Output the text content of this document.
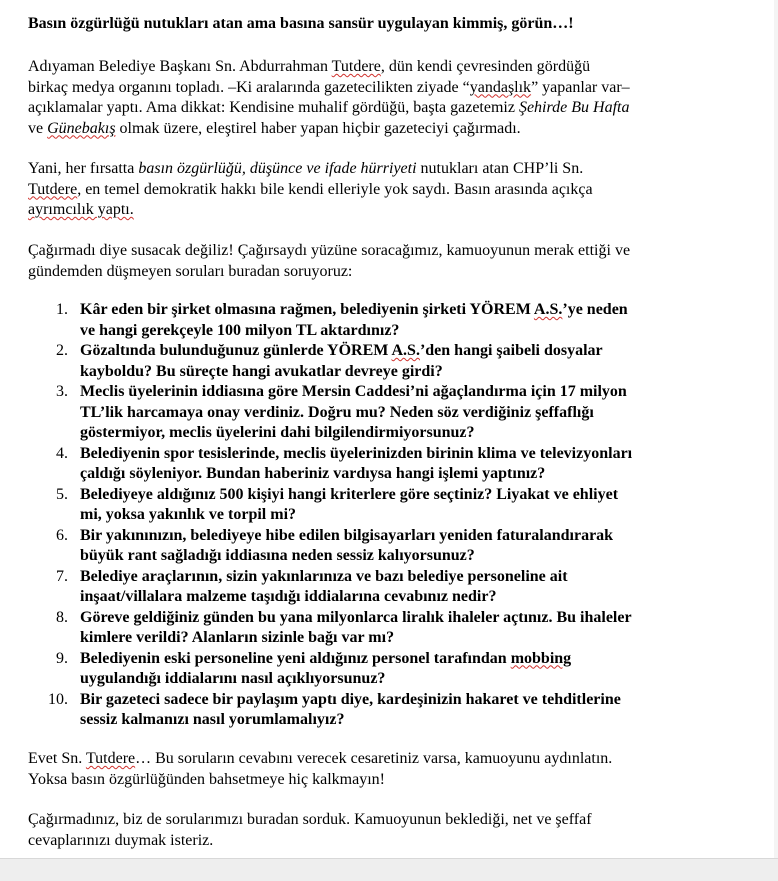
Basın özgürlüğü nutukları atan ama basına sansür uygulayan kimmiş, görün…!
Adıyaman Belediye Başkanı Sn. Abdurrahman Tutdere, dün kendi çevresinden gördüğü
birkaç medya organını topladı. –Ki aralarında gazetecilikten ziyade “yandaşlık” yapanlar var–
açıklamalar yaptı. Ama dikkat: Kendisine muhalif gördüğü, başta gazetemiz Şehirde Bu Hafta
ve Günebakış olmak üzere, eleştirel haber yapan hiçbir gazeteciyi çağırmadı.
Yani, her fırsatta basın özgürlüğü, düşünce ve ifade hürriyeti nutukları atan CHP’li Sn.
Tutdere, en temel demokratik hakkı bile kendi elleriyle yok saydı. Basın arasında açıkça
ayrımcılık yaptı.
Çağırmadı diye susacak değiliz! Çağırsaydı yüzüne soracağımız, kamuoyunun merak ettiği ve
gündemden düşmeyen soruları buradan soruyoruz:
1. Kâr eden bir şirket olmasına rağmen, belediyenin şirketi YÖREM A.S.’ye neden
ve hangi gerekçeyle 100 milyon TL aktardınız?
2. Gözaltında bulunduğunuz günlerde YÖREM A.S.’den hangi şaibeli dosyalar
kayboldu? Bu süreçte hangi avukatlar devreye girdi?
3. Meclis üyelerinin iddiasına göre Mersin Caddesi’ni ağaçlandırma için 17 milyon
TL’lik harcamaya onay verdiniz. Doğru mu? Neden söz verdiğiniz şeffaflığı
göstermiyor, meclis üyelerini dahi bilgilendirmiyorsunuz?
4. Belediyenin spor tesislerinde, meclis üyelerinizden birinin klima ve televizyonları
çaldığı söyleniyor. Bundan haberiniz vardıysa hangi işlemi yaptınız?
5. Belediyeye aldığınız 500 kişiyi hangi kriterlere göre seçtiniz? Liyakat ve ehliyet
mi, yoksa yakınlık ve torpil mi?
6. Bir yakınınızın, belediyeye hibe edilen bilgisayarları yeniden faturalandırarak
büyük rant sağladığı iddiasına neden sessiz kalıyorsunuz?
7. Belediye araçlarının, sizin yakınlarınıza ve bazı belediye personeline ait
inşaat/villalara malzeme taşıdığı iddialarına cevabınız nedir?
8. Göreve geldiğiniz günden bu yana milyonlarca liralık ihaleler açtınız. Bu ihaleler
kimlere verildi? Alanların sizinle bağı var mı?
9. Belediyenin eski personeline yeni aldığınız personel tarafından mobbing
uygulandığı iddialarını nasıl açıklıyorsunuz?
10. Bir gazeteci sadece bir paylaşım yaptı diye, kardeşinizin hakaret ve tehditlerine
sessiz kalmanızı nasıl yorumlamalıyız?
Evet Sn. Tutdere… Bu soruların cevabını verecek cesaretiniz varsa, kamuoyunu aydınlatın.
Yoksa basın özgürlüğünden bahsetmeye hiç kalkmayın!
Çağırmadınız, biz de sorularımızı buradan sorduk. Kamuoyunun beklediği, net ve şeffaf
cevaplarınızı duymak isteriz.
